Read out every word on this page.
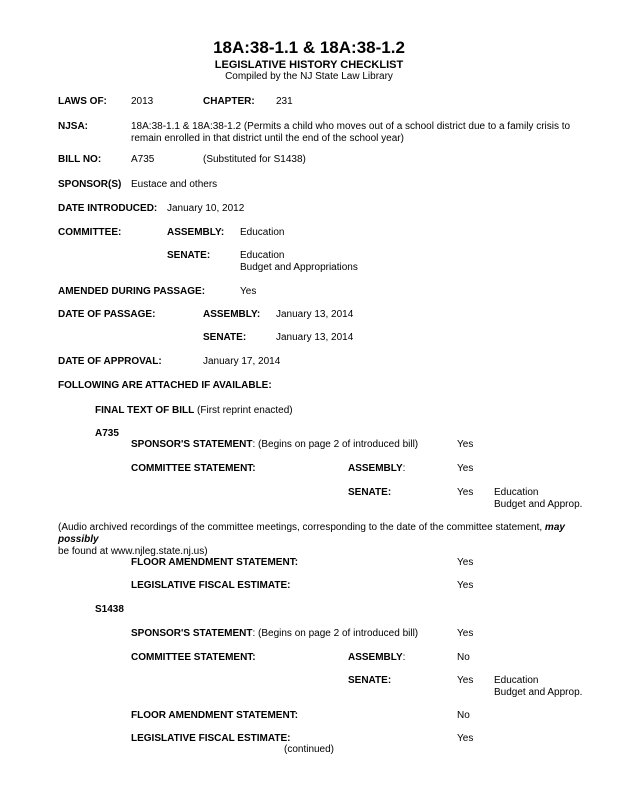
18A:38-1.1 & 18A:38-1.2
LEGISLATIVE HISTORY CHECKLIST
Compiled by the NJ State Law Library
LAWS OF: 2013	CHAPTER: 231
NJSA:	18A:38-1.1 & 18A:38-1.2 (Permits a child who moves out of a school district due to a family crisis to remain enrolled in that district until the end of the school year)
BILL NO:	A735	(Substituted for S1438)
SPONSOR(S) Eustace and others
DATE INTRODUCED: January 10, 2012
COMMITTEE:	ASSEMBLY: Education
SENATE:	Education
Budget and Appropriations
AMENDED DURING PASSAGE:	Yes
DATE OF PASSAGE:	ASSEMBLY: January 13, 2014
SENATE:	January 13, 2014
DATE OF APPROVAL:	January 17, 2014
FOLLOWING ARE ATTACHED IF AVAILABLE:
FINAL TEXT OF BILL (First reprint enacted)
A735
SPONSOR'S STATEMENT: (Begins on page 2 of introduced bill)	Yes
COMMITTEE STATEMENT:	ASSEMBLY:	Yes
SENATE:	Yes Education
Budget and Approp.
(Audio archived recordings of the committee meetings, corresponding to the date of the committee statement, may possibly
be found at www.njleg.state.nj.us)
FLOOR AMENDMENT STATEMENT:	Yes
LEGISLATIVE FISCAL ESTIMATE:	Yes
S1438
SPONSOR'S STATEMENT: (Begins on page 2 of introduced bill)	Yes
COMMITTEE STATEMENT:	ASSEMBLY:	No
SENATE:	Yes Education
Budget and Approp.
FLOOR AMENDMENT STATEMENT:	No
LEGISLATIVE FISCAL ESTIMATE:	Yes
(continued)
